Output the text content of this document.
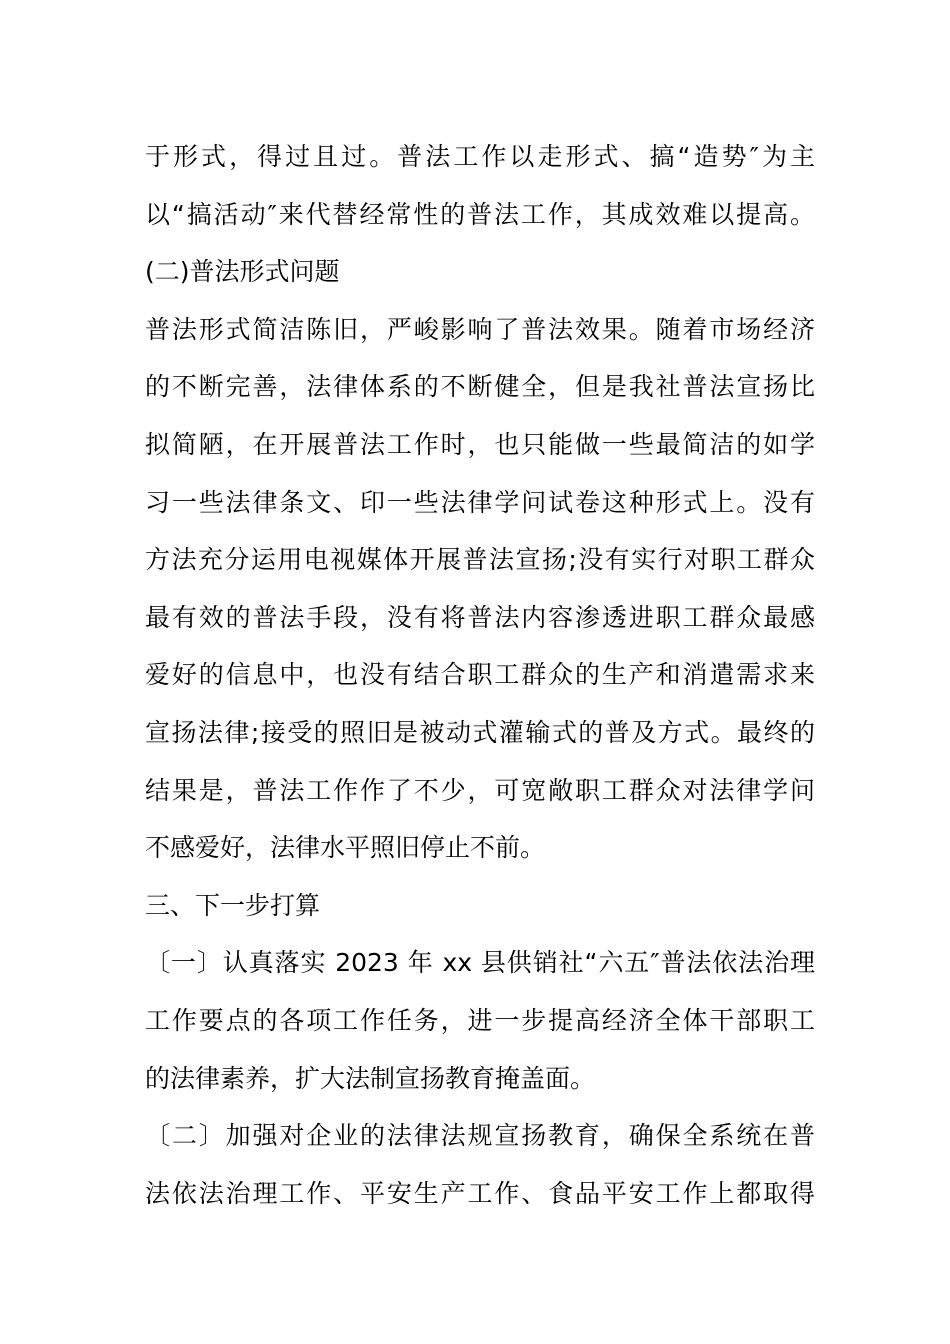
于形式，得过且过。普法工作以走形式、搞“造势″为主
以“搞活动″来代替经常性的普法工作，其成效难以提高。
(二)普法形式问题
普法形式简洁陈旧，严峻影响了普法效果。随着市场经济
的不断完善，法律体系的不断健全，但是我社普法宣扬比
拟简陋，在开展普法工作时，也只能做一些最简洁的如学
习一些法律条文、印一些法律学问试卷这种形式上。没有
方法充分运用电视媒体开展普法宣扬;没有实行对职工群众
最有效的普法手段，没有将普法内容渗透进职工群众最感
爱好的信息中，也没有结合职工群众的生产和消遣需求来
宣扬法律;接受的照旧是被动式灌输式的普及方式。最终的
结果是，普法工作作了不少，可宽敞职工群众对法律学问
不感爱好，法律水平照旧停止不前。
三、下一步打算
〔一〕认真落实 2023 年 xx 县供销社“六五″普法依法治理
工作要点的各项工作任务，进一步提高经济全体干部职工
的法律素养，扩大法制宣扬教育掩盖面。
〔二〕加强对企业的法律法规宣扬教育，确保全系统在普
法依法治理工作、平安生产工作、食品平安工作上都取得
